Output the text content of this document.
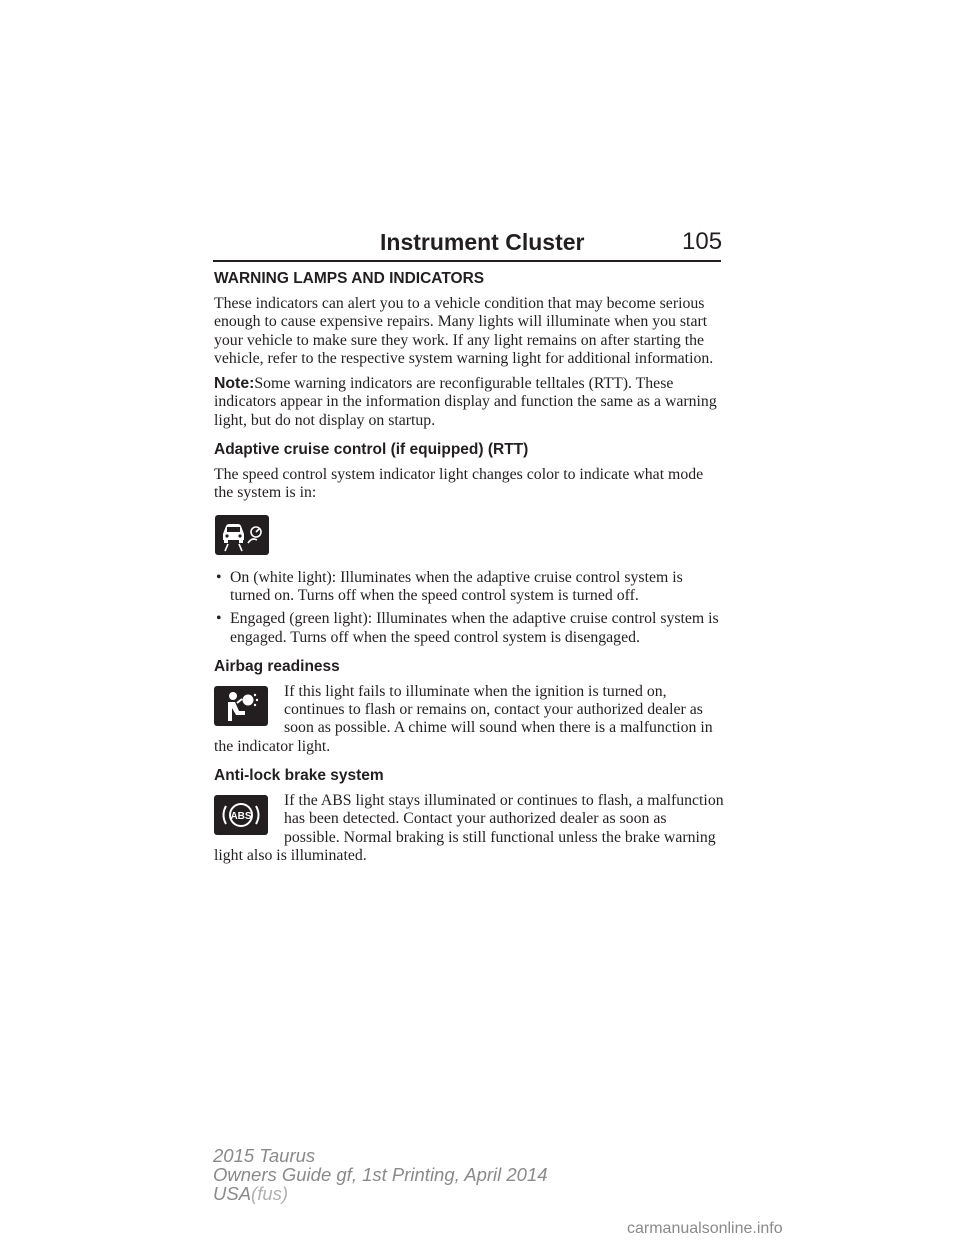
Instrument Cluster	105
WARNING LAMPS AND INDICATORS

These indicators can alert you to a vehicle condition that may become serious enough to cause expensive repairs. Many lights will illuminate when you start your vehicle to make sure they work. If any light remains on after starting the vehicle, refer to the respective system warning light for additional information.

Note:Some warning indicators are reconfigurable telltales (RTT). These indicators appear in the information display and function the same as a warning light, but do not display on startup.

Adaptive cruise control (if equipped) (RTT)

The speed control system indicator light changes color to indicate what mode the system is in:

• On (white light): Illuminates when the adaptive cruise control system is turned on. Turns off when the speed control system is turned off.
• Engaged (green light): Illuminates when the adaptive cruise control system is engaged. Turns off when the speed control system is disengaged.
Airbag readiness
If this light fails to illuminate when the ignition is turned on, continues to flash or remains on, contact your authorized dealer as soon as possible. A chime will sound when there is a malfunction in the indicator light.
Anti-lock brake system
ABS
If the ABS light stays illuminated or continues to flash, a malfunction has been detected. Contact your authorized dealer as soon as possible. Normal braking is still functional unless the brake warning light also is illuminated.
2015 Taurus
Owners Guide gf, 1st Printing, April 2014
USA(fus)
carmanualsonline.info
